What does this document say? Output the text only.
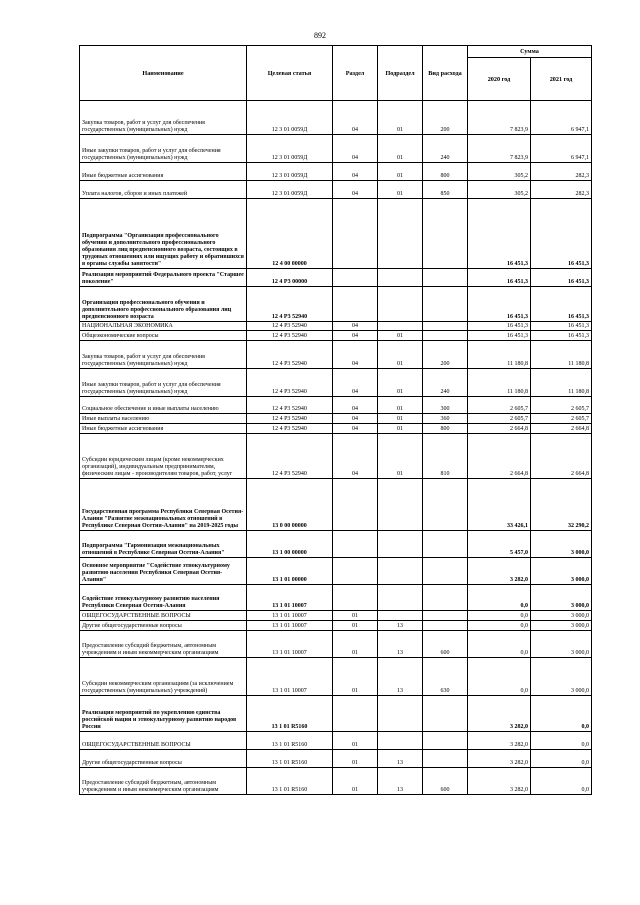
892
Наименование	Целевая статья	Раздел	Подраздел	Вид расхода	Сумма	
					2020 год	2021 год
Закупка товаров, работ и услуг для обеспечения государственных (муниципальных) нужд	12 3 01 0059Д	04	01	200	7 823,9	6 947,1
Иные закупки товаров, работ и услуг для обеспечения государственных (муниципальных) нужд	12 3 01 0059Д	04	01	240	7 823,9	6 947,1
Иные бюджетные ассигнования	12 3 01 0059Д	04	01	800	305,2	282,3
Уплата налогов, сборов и иных платежей	12 3 01 0059Д	04	01	850	305,2	282,3
Подпрограмма "Организация профессионального обучения и дополнительного профессионального образования лиц предпенсионного возраста, состоящих в трудовых отношениях или ищущих работу и обратившихся в органы службы занятости"	12 4 00 00000				16 451,3	16 451,3
Реализация мероприятий Федерального проекта "Старшее поколение"	12 4 P3 00000				16 451,3	16 451,3
Организация профессионального обучения и дополнительного профессионального образования лиц предпенсионного возраста	12 4 P3 52940				16 451,3	16 451,3
НАЦИОНАЛЬНАЯ ЭКОНОМИКА	12 4 P3 52940	04			16 451,3	16 451,3
Общеэкономические вопросы	12 4 P3 52940	04	01		16 451,3	16 451,3
Закупка товаров, работ и услуг для обеспечения государственных (муниципальных) нужд	12 4 P3 52940	04	01	200	11 180,8	11 180,8
Иные закупки товаров, работ и услуг для обеспечения государственных (муниципальных) нужд	12 4 P3 52940	04	01	240	11 180,8	11 180,8
Социальное обеспечение и иные выплаты населению	12 4 P3 52940	04	01	300	2 605,7	2 605,7
Иные выплаты населению	12 4 P3 52940	04	01	360	2 605,7	2 605,7
Иные бюджетные ассигнования	12 4 P3 52940	04	01	800	2 664,8	2 664,8
Субсидии юридическим лицам (кроме некоммерческих организаций), индивидуальным предпринимателям, физическим лицам - производителям товаров, работ, услуг	12 4 P3 52940	04	01	810	2 664,8	2 664,8
Государственная программа Республики Северная Осетия-Алания "Развитие межнациональных отношений в Республике Северная Осетия-Алания" на 2019-2025 годы	13 0 00 00000				33 426,1	32 290,2
Подпрограмма "Гармонизация межнациональных отношений в Республике Северная Осетия-Алания"	13 1 00 00000				5 457,0	3 000,0
Основное мероприятие "Содействие этнокультурному развитию населения Республики Северная Осетия-Алания"	13 1 01 00000				3 282,0	3 000,0
Содействие этнокультурному развитию населения Республики Северная Осетия-Алания	13 1 01 10007				0,0	3 000,0
ОБЩЕГОСУДАРСТВЕННЫЕ ВОПРОСЫ	13 1 01 10007	01			0,0	3 000,0
Другие общегосударственные вопросы	13 1 01 10007	01	13		0,0	3 000,0
Предоставление субсидий бюджетным, автономным учреждениям и иным некоммерческим организациям	13 1 01 10007	01	13	600	0,0	3 000,0
Субсидии некоммерческим организациям (за исключением государственных (муниципальных) учреждений)	13 1 01 10007	01	13	630	0,0	3 000,0
Реализация мероприятий по укреплению единства российской нации и этнокультурному развитию народов России	13 1 01 R5160				3 282,0	0,0
ОБЩЕГОСУДАРСТВЕННЫЕ ВОПРОСЫ	13 1 01 R5160	01			3 282,0	0,0
Другие общегосударственные вопросы	13 1 01 R5160	01	13		3 282,0	0,0
Предоставление субсидий бюджетным, автономным учреждениям и иным некоммерческим организациям	13 1 01 R5160	01	13	600	3 282,0	0,0
